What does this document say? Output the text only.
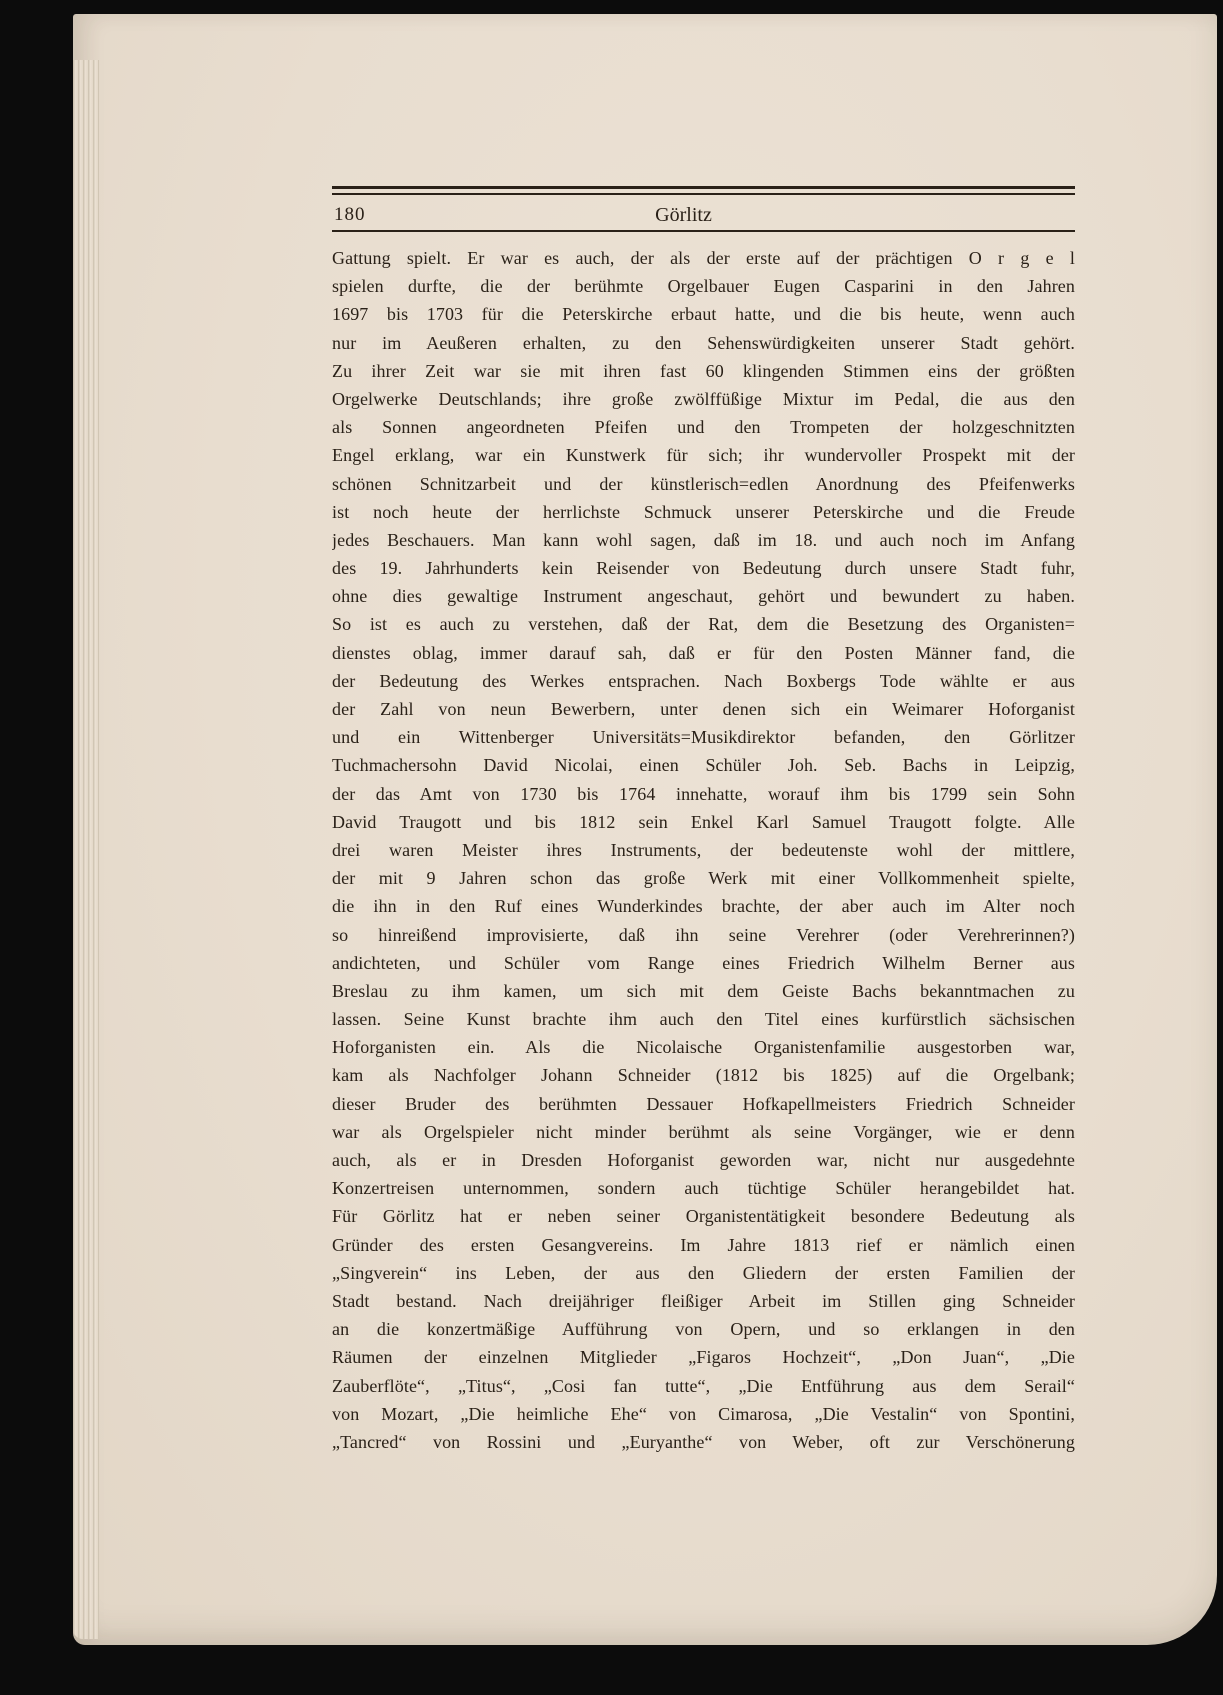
180	Görlitz
Gattung spielt. Er war es auch, der als der erste auf der prächtigen O r g e l
spielen durfte, die der berühmte Orgelbauer Eugen Casparini in den Jahren
1697 bis 1703 für die Peterskirche erbaut hatte, und die bis heute, wenn auch
nur im Aeußeren erhalten, zu den Sehenswürdigkeiten unserer Stadt gehört.
Zu ihrer Zeit war sie mit ihren fast 60 klingenden Stimmen eins der größten
Orgelwerke Deutschlands; ihre große zwölffüßige Mixtur im Pedal, die aus den
als Sonnen angeordneten Pfeifen und den Trompeten der holzgeschnitzten
Engel erklang, war ein Kunstwerk für sich; ihr wundervoller Prospekt mit der
schönen Schnitzarbeit und der künstlerisch=edlen Anordnung des Pfeifenwerks
ist noch heute der herrlichste Schmuck unserer Peterskirche und die Freude
jedes Beschauers. Man kann wohl sagen, daß im 18. und auch noch im Anfang
des 19. Jahrhunderts kein Reisender von Bedeutung durch unsere Stadt fuhr,
ohne dies gewaltige Instrument angeschaut, gehört und bewundert zu haben.
So ist es auch zu verstehen, daß der Rat, dem die Besetzung des Organisten=
dienstes oblag, immer darauf sah, daß er für den Posten Männer fand, die
der Bedeutung des Werkes entsprachen. Nach Boxbergs Tode wählte er aus
der Zahl von neun Bewerbern, unter denen sich ein Weimarer Hoforganist
und ein Wittenberger Universitäts=Musikdirektor befanden, den Görlitzer
Tuchmachersohn David Nicolai, einen Schüler Joh. Seb. Bachs in Leipzig,
der das Amt von 1730 bis 1764 innehatte, worauf ihm bis 1799 sein Sohn
David Traugott und bis 1812 sein Enkel Karl Samuel Traugott folgte. Alle
drei waren Meister ihres Instruments, der bedeutenste wohl der mittlere,
der mit 9 Jahren schon das große Werk mit einer Vollkommenheit spielte,
die ihn in den Ruf eines Wunderkindes brachte, der aber auch im Alter noch
so hinreißend improvisierte, daß ihn seine Verehrer (oder Verehrerinnen?)
andichteten, und Schüler vom Range eines Friedrich Wilhelm Berner aus
Breslau zu ihm kamen, um sich mit dem Geiste Bachs bekanntmachen zu
lassen. Seine Kunst brachte ihm auch den Titel eines kurfürstlich sächsischen
Hoforganisten ein. Als die Nicolaische Organistenfamilie ausgestorben war,
kam als Nachfolger Johann Schneider (1812 bis 1825) auf die Orgelbank;
dieser Bruder des berühmten Dessauer Hofkapellmeisters Friedrich Schneider
war als Orgelspieler nicht minder berühmt als seine Vorgänger, wie er denn
auch, als er in Dresden Hoforganist geworden war, nicht nur ausgedehnte
Konzertreisen unternommen, sondern auch tüchtige Schüler herangebildet hat.
Für Görlitz hat er neben seiner Organistentätigkeit besondere Bedeutung als
Gründer des ersten Gesangvereins. Im Jahre 1813 rief er nämlich einen
„Singverein“ ins Leben, der aus den Gliedern der ersten Familien der
Stadt bestand. Nach dreijähriger fleißiger Arbeit im Stillen ging Schneider
an die konzertmäßige Aufführung von Opern, und so erklangen in den
Räumen der einzelnen Mitglieder „Figaros Hochzeit“, „Don Juan“, „Die
Zauberflöte“, „Titus“, „Cosi fan tutte“, „Die Entführung aus dem Serail“
von Mozart, „Die heimliche Ehe“ von Cimarosa, „Die Vestalin“ von Spontini,
„Tancred“ von Rossini und „Euryanthe“ von Weber, oft zur Verschönerung
